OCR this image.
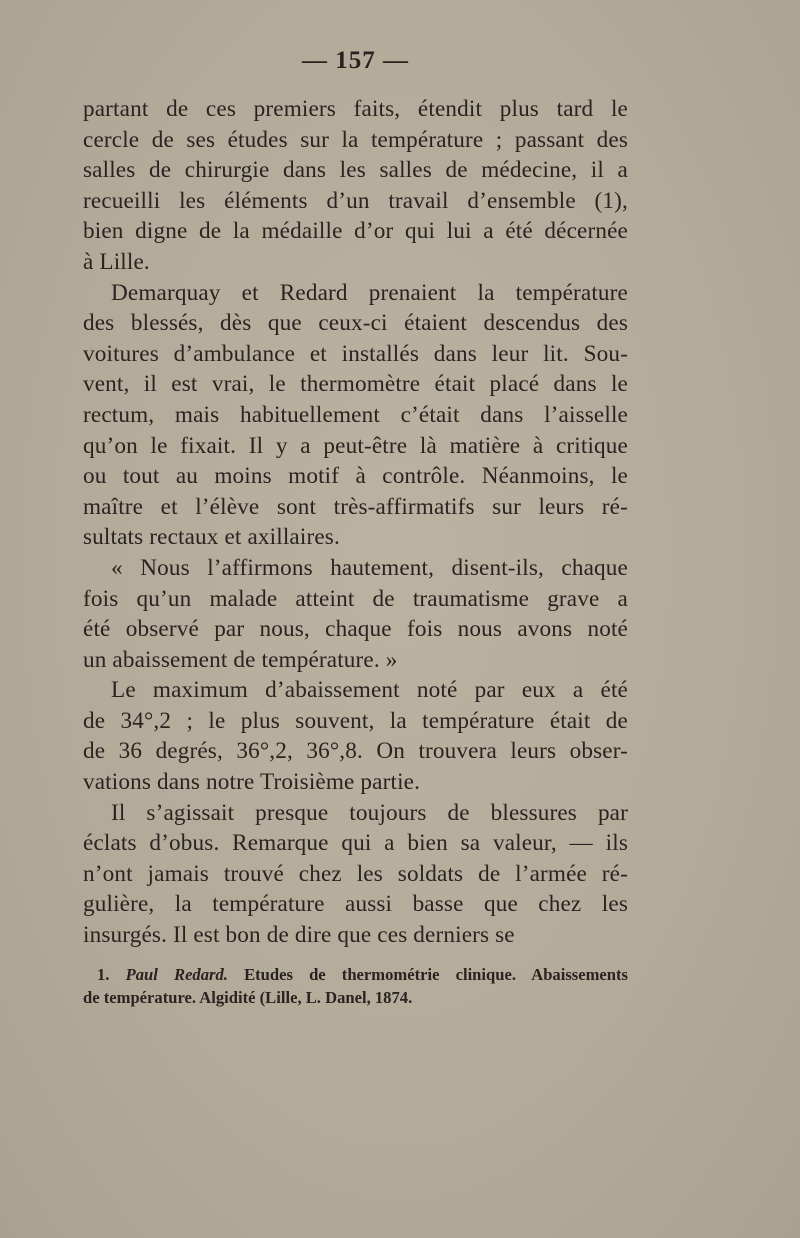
— 157 —
partant de ces premiers faits, étendit plus tard le
cercle de ses études sur la température ; passant des
salles de chirurgie dans les salles de médecine, il a
recueilli les éléments d’un travail d’ensemble (1),
bien digne de la médaille d’or qui lui a été décernée
à Lille.
Demarquay et Redard prenaient la température
des blessés, dès que ceux-ci étaient descendus des
voitures d’ambulance et installés dans leur lit. Sou-
vent, il est vrai, le thermomètre était placé dans le
rectum, mais habituellement c’était dans l’aisselle
qu’on le fixait. Il y a peut-être là matière à critique
ou tout au moins motif à contrôle. Néanmoins, le
maître et l’élève sont très-affirmatifs sur leurs ré-
sultats rectaux et axillaires.
« Nous l’affirmons hautement, disent-ils, chaque
fois qu’un malade atteint de traumatisme grave a
été observé par nous, chaque fois nous avons noté
un abaissement de température. »
Le maximum d’abaissement noté par eux a été
de 34°,2 ; le plus souvent, la température était de
de 36 degrés, 36°,2, 36°,8. On trouvera leurs obser-
vations dans notre Troisième partie.
Il s’agissait presque toujours de blessures par
éclats d’obus. Remarque qui a bien sa valeur, — ils
n’ont jamais trouvé chez les soldats de l’armée ré-
gulière, la température aussi basse que chez les
insurgés. Il est bon de dire que ces derniers se
1. Paul Redard. Etudes de thermométrie clinique. Abaissements
de température. Algidité (Lille, L. Danel, 1874.
